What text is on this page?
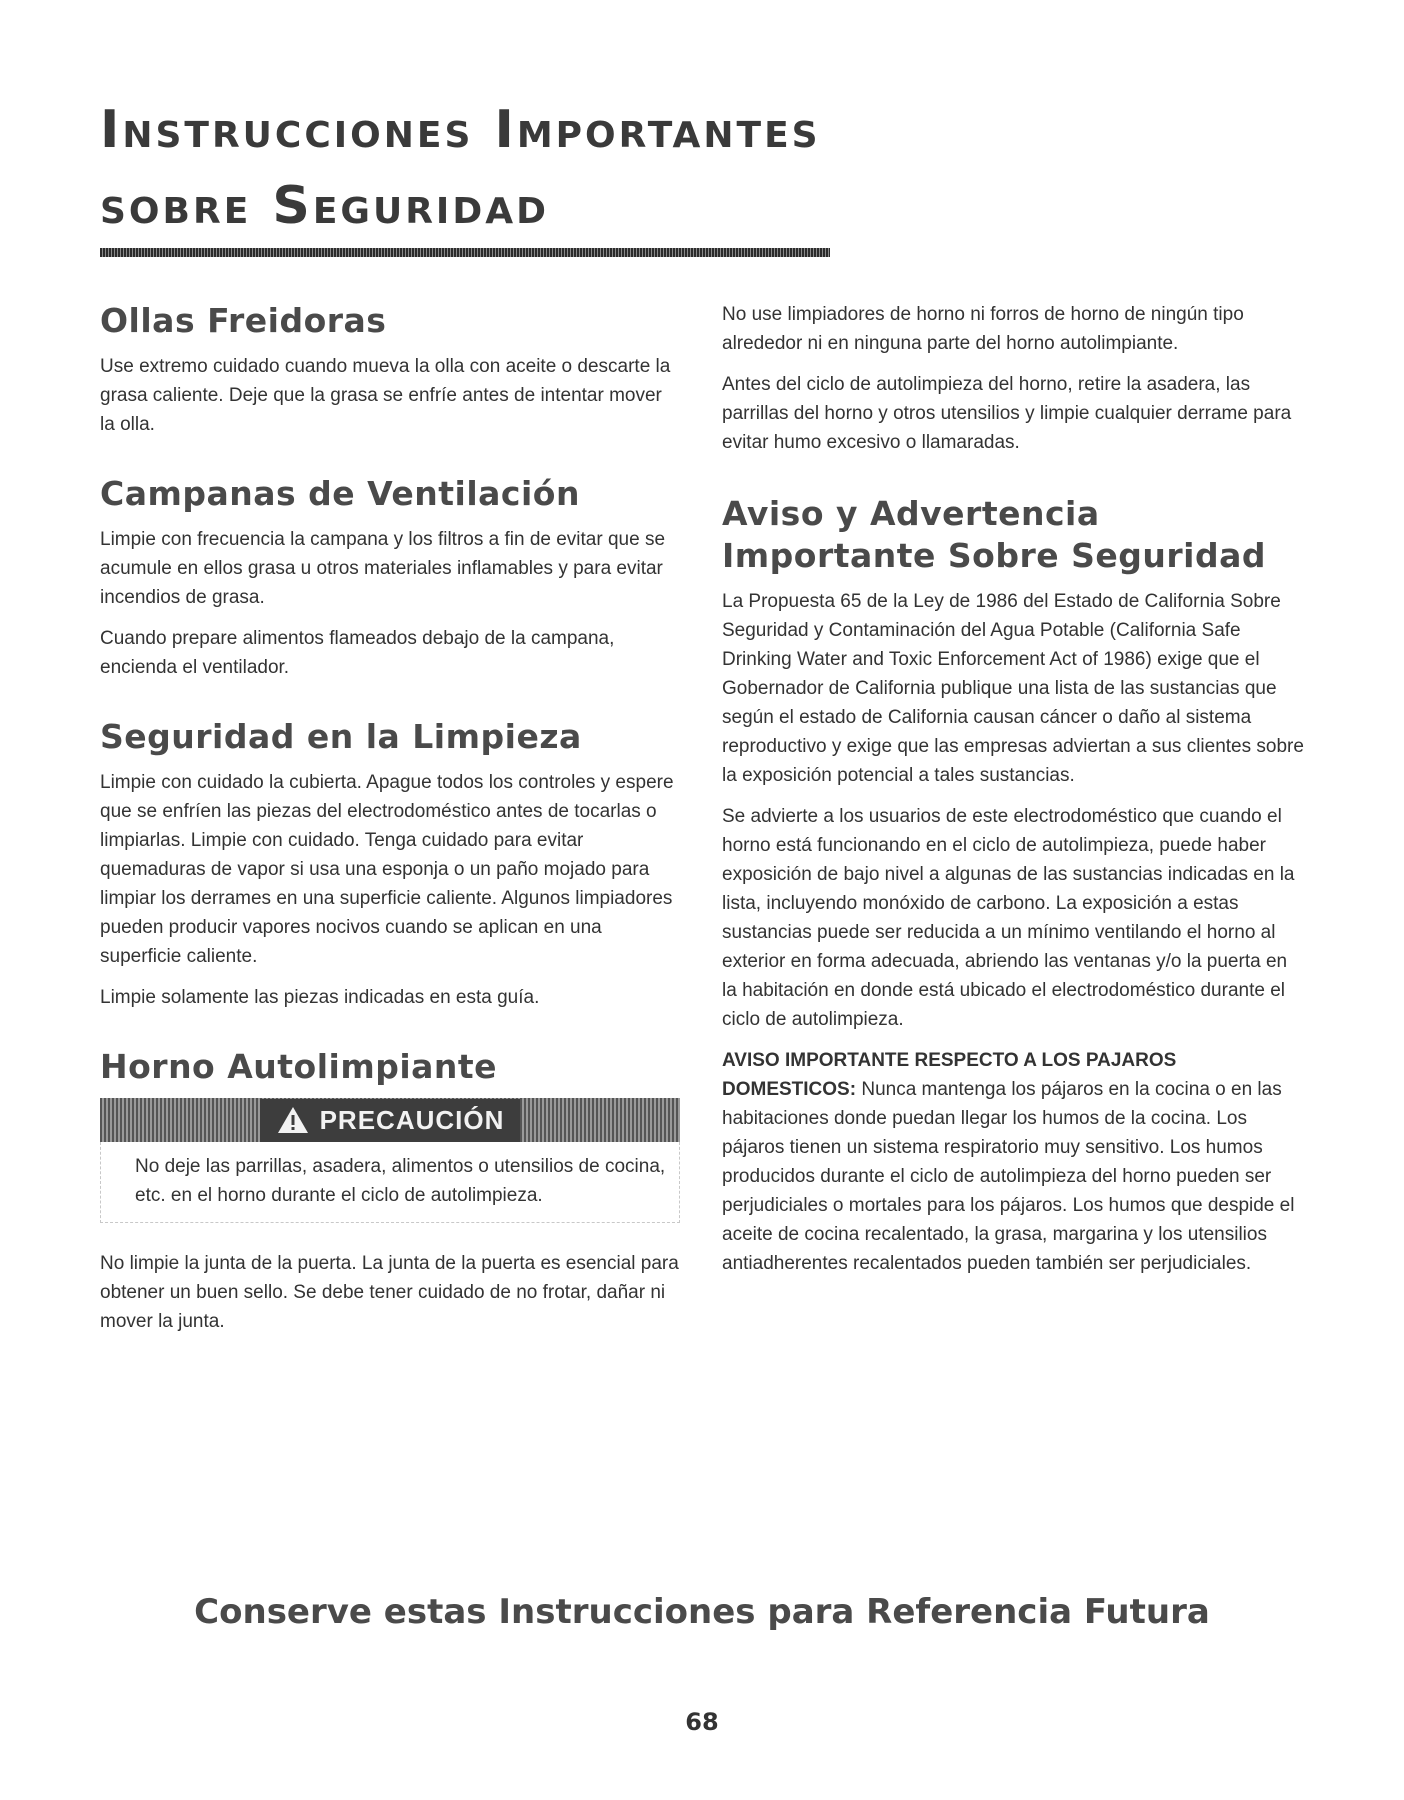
Instrucciones Importantes
sobre Seguridad
Ollas Freidoras

Use extremo cuidado cuando mueva la olla con aceite o descarte la grasa caliente. Deje que la grasa se enfríe antes de intentar mover la olla.

Campanas de Ventilación

Limpie con frecuencia la campana y los filtros a fin de evitar que se acumule en ellos grasa u otros materiales inflamables y para evitar incendios de grasa.

Cuando prepare alimentos flameados debajo de la campana, encienda el ventilador.

Seguridad en la Limpieza

Limpie con cuidado la cubierta. Apague todos los controles y espere que se enfríen las piezas del electrodoméstico antes de tocarlas o limpiarlas. Limpie con cuidado. Tenga cuidado para evitar quemaduras de vapor si usa una esponja o un paño mojado para limpiar los derrames en una superficie caliente. Algunos limpiadores pueden producir vapores nocivos cuando se aplican en una superficie caliente.

Limpie solamente las piezas indicadas en esta guía.

Horno Autolimpiante
PRECAUCIÓN

No deje las parrillas, asadera, alimentos o utensilios de cocina, etc. en el horno durante el ciclo de autolimpieza.

No limpie la junta de la puerta. La junta de la puerta es esencial para obtener un buen sello. Se debe tener cuidado de no frotar, dañar ni mover la junta.

No use limpiadores de horno ni forros de horno de ningún tipo alrededor ni en ninguna parte del horno autolimpiante.

Antes del ciclo de autolimpieza del horno, retire la asadera, las parrillas del horno y otros utensilios y limpie cualquier derrame para evitar humo excesivo o llamaradas.

Aviso y Advertencia Importante Sobre Seguridad

La Propuesta 65 de la Ley de 1986 del Estado de California Sobre Seguridad y Contaminación del Agua Potable (California Safe Drinking Water and Toxic Enforcement Act of 1986) exige que el Gobernador de California publique una lista de las sustancias que según el estado de California causan cáncer o daño al sistema reproductivo y exige que las empresas adviertan a sus clientes sobre la exposición potencial a tales sustancias.

Se advierte a los usuarios de este electrodoméstico que cuando el horno está funcionando en el ciclo de autolimpieza, puede haber exposición de bajo nivel a algunas de las sustancias indicadas en la lista, incluyendo monóxido de carbono. La exposición a estas sustancias puede ser reducida a un mínimo ventilando el horno al exterior en forma adecuada, abriendo las ventanas y/o la puerta en la habitación en donde está ubicado el electrodoméstico durante el ciclo de autolimpieza.

AVISO IMPORTANTE RESPECTO A LOS PAJAROS DOMESTICOS: Nunca mantenga los pájaros en la cocina o en las habitaciones donde puedan llegar los humos de la cocina. Los pájaros tienen un sistema respiratorio muy sensitivo. Los humos producidos durante el ciclo de autolimpieza del horno pueden ser perjudiciales o mortales para los pájaros. Los humos que despide el aceite de cocina recalentado, la grasa, margarina y los utensilios antiadherentes recalentados pueden también ser perjudiciales.

Conserve estas Instrucciones para Referencia Futura
68
